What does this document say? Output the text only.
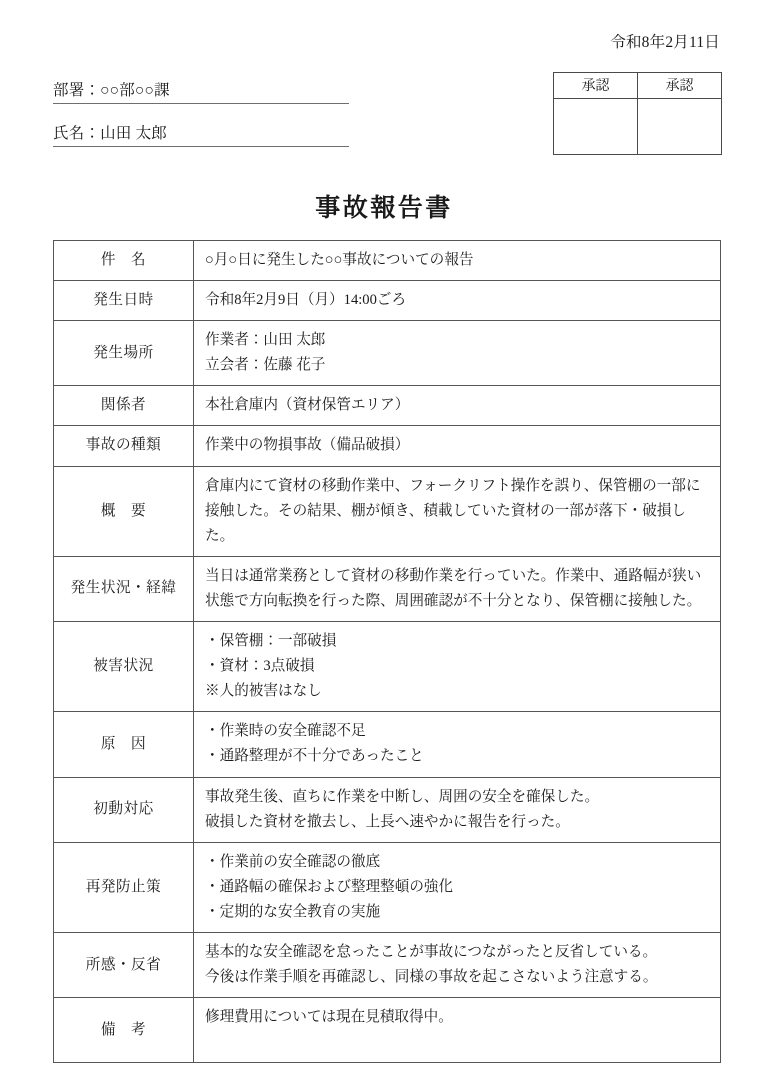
令和8年2月11日
部署：○○部○○課
氏名：山田 太郎
承認	承認

事故報告書
件　名	○月○日に発生した○○事故についての報告

発生日時	令和8年2月9日（月）14:00ごろ

発生場所	作業者：山田 太郎
立会者：佐藤 花子

関係者	本社倉庫内（資材保管エリア）

事故の種類	作業中の物損事故（備品破損）

概　要	倉庫内にて資材の移動作業中、フォークリフト操作を誤り、保管棚の一部に接触した。その結果、棚が傾き、積載していた資材の一部が落下・破損した。

発生状況・経緯	当日は通常業務として資材の移動作業を行っていた。作業中、通路幅が狭い状態で方向転換を行った際、周囲確認が不十分となり、保管棚に接触した。

被害状況	・保管棚：一部破損
・資材：3点破損
※人的被害はなし

原　因	・作業時の安全確認不足
・通路整理が不十分であったこと

初動対応	事故発生後、直ちに作業を中断し、周囲の安全を確保した。
破損した資材を撤去し、上長へ速やかに報告を行った。

再発防止策	・作業前の安全確認の徹底
・通路幅の確保および整理整頓の強化
・定期的な安全教育の実施

所感・反省	基本的な安全確認を怠ったことが事故につながったと反省している。
今後は作業手順を再確認し、同様の事故を起こさないよう注意する。

備　考	修理費用については現在見積取得中。
